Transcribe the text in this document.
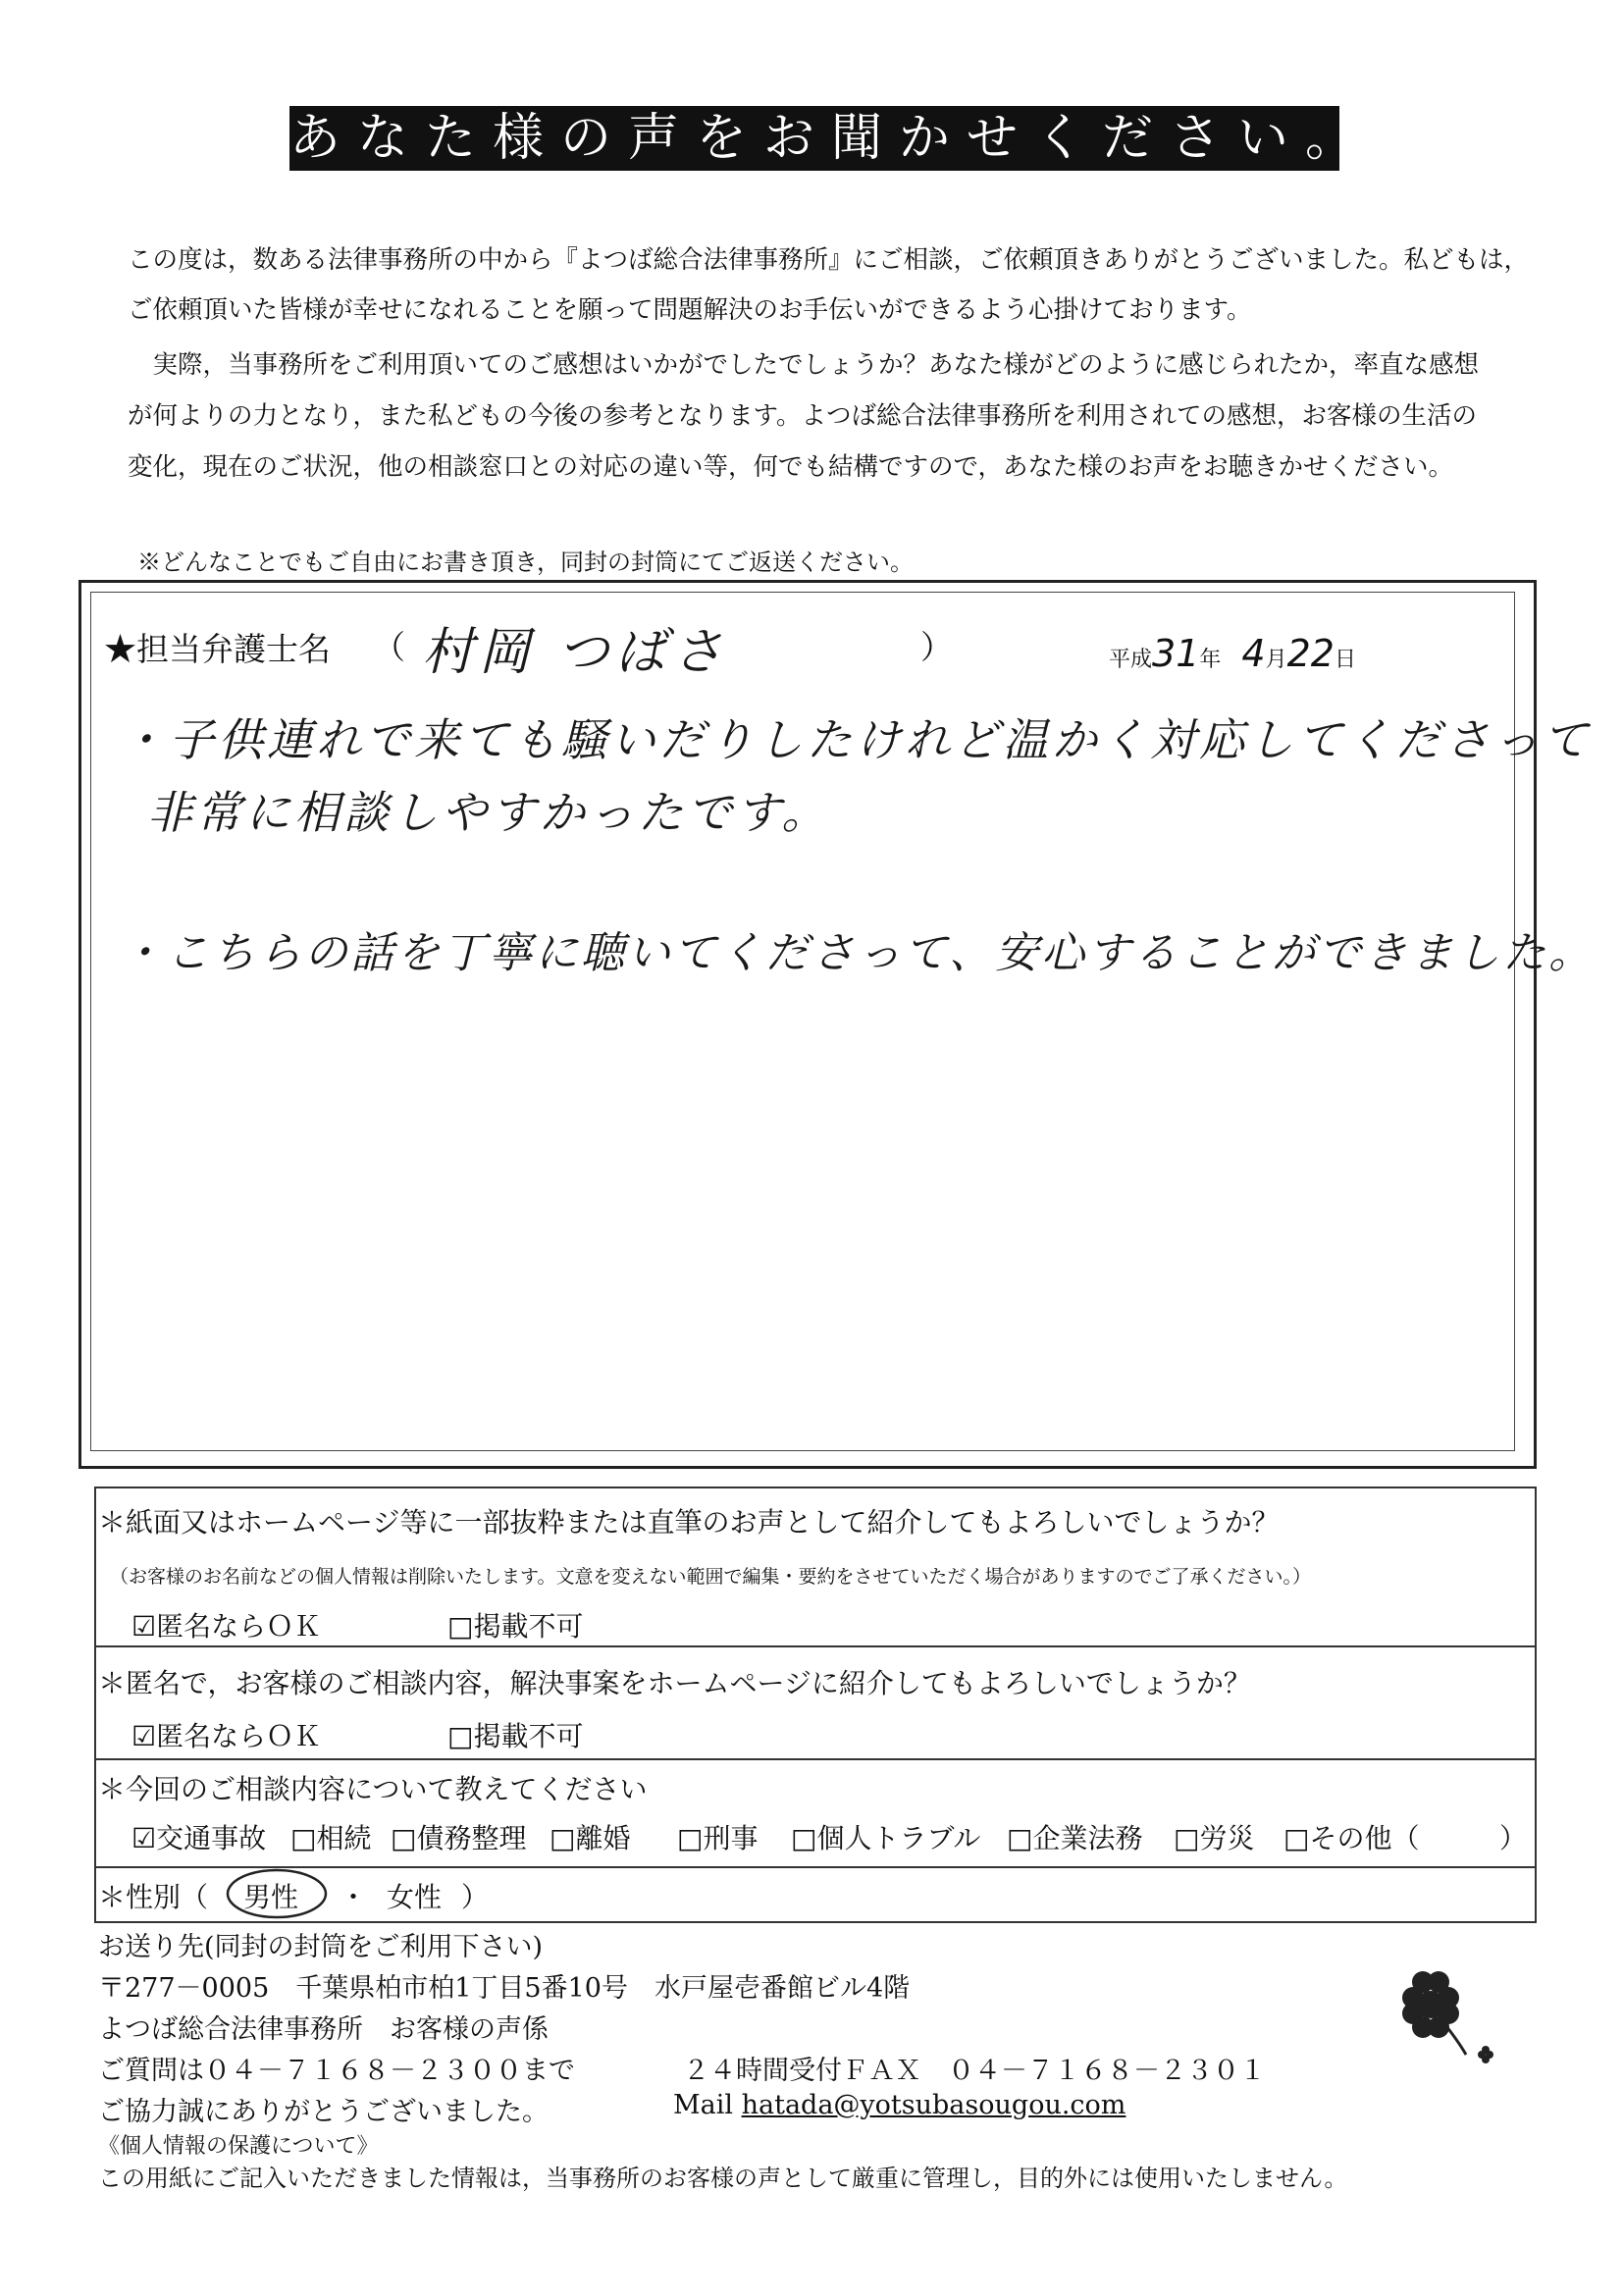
あなた様の声をお聞かせください。
この度は，数ある法律事務所の中から『よつば総合法律事務所』にご相談，ご依頼頂きありがとうございました。私どもは，
ご依頼頂いた皆様が幸せになれることを願って問題解決のお手伝いができるよう心掛けております。
　実際，当事務所をご利用頂いてのご感想はいかがでしたでしょうか？あなた様がどのように感じられたか，率直な感想
が何よりの力となり，また私どもの今後の参考となります。よつば総合法律事務所を利用されての感想，お客様の生活の
変化，現在のご状況，他の相談窓口との対応の違い等，何でも結構ですので，あなた様のお声をお聴きかせください。
※どんなことでもご自由にお書き頂き，同封の封筒にてご返送ください。
★担当弁護士名 （ 村岡 つばさ	）	平成31年 4月22日
・子供連れで来ても騒いだりしたけれど温かく対応してくださって
非常に相談しやすかったです。
・こちらの話を丁寧に聴いてくださって、安心することができました。
＊紙面又はホームページ等に一部抜粋または直筆のお声として紹介してもよろしいでしょうか？
（お客様のお名前などの個人情報は削除いたします。文意を変えない範囲で編集・要約をさせていただく場合がありますのでご了承ください。）
☑匿名ならＯＫ	□掲載不可
＊匿名で，お客様のご相談内容，解決事案をホームページに紹介してもよろしいでしょうか？
☑匿名ならＯＫ	□掲載不可
＊今回のご相談内容について教えてください
☑交通事故 □相続 □債務整理 □離婚 □刑事 □個人トラブル □企業法務 □労災 □その他（	）
＊性別（ 男性 ・ 女性 ）
お送り先(同封の封筒をご利用下さい)
〒277－0005　千葉県柏市柏1丁目5番10号　水戸屋壱番館ビル4階
よつば総合法律事務所　お客様の声係
ご質問は０４－７１６８－２３００まで	２４時間受付ＦＡＸ　０４－７１６８－２３０１
ご協力誠にありがとうございました。	Mail hatada@yotsubasougou.com
《個人情報の保護について》
この用紙にご記入いただきました情報は，当事務所のお客様の声として厳重に管理し，目的外には使用いたしません。
